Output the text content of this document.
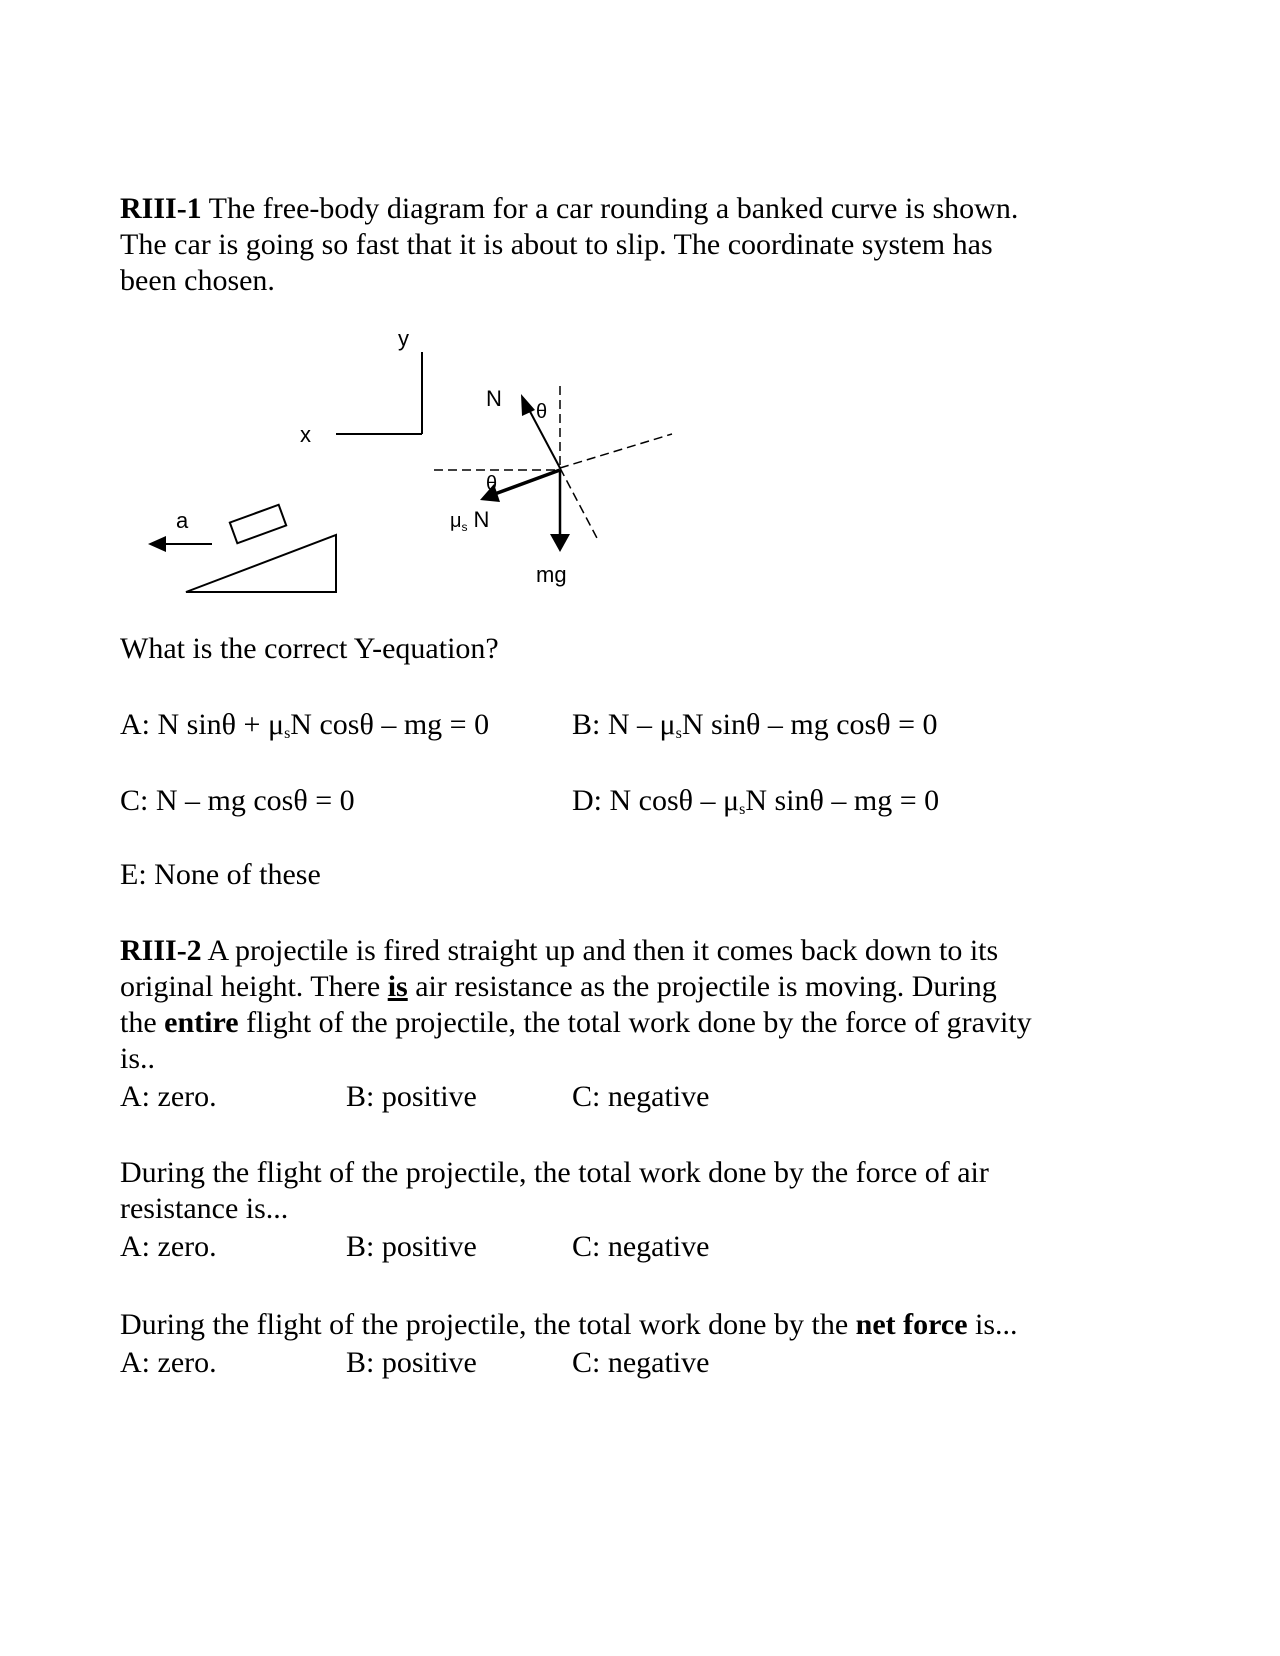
RIII-1 The free-body diagram for a car rounding a banked curve is shown.
The car is going so fast that it is about to slip. The coordinate system has
been chosen.
a
x
y
N
θ
θ
$\mu_s$ N
mg
What is the correct Y-equation?
A: N $\sin\theta + \mu_sN$ cosθ – mg = 0	B: N – $\mu_sN$ sinθ – mg cosθ = 0
C: N – mg cosθ = 0	D: N cosθ – $\mu_sN$ sinθ – mg = 0
E: None of these
RIII-2 A projectile is fired straight up and then it comes back down to its
original height. There is air resistance as the projectile is moving. During
the entire flight of the projectile, the total work done by the force of gravity
is..
A: zero.	B: positive	C: negative
During the flight of the projectile, the total work done by the force of air
resistance is...
A: zero.	B: positive	C: negative
During the flight of the projectile, the total work done by the net force is...
A: zero.	B: positive	C: negative
